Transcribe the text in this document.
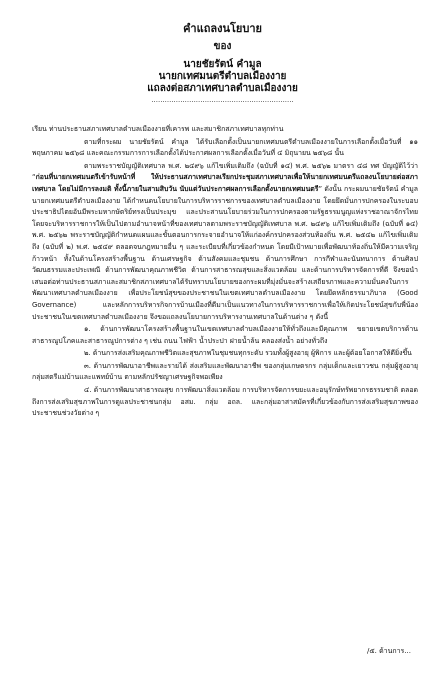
คำแถลงนโยบาย
ของ
นายชัยรัตน์ คำมูล
นายกเทศมนตรีตำบลเมืองงาย
แถลงต่อสภาเทศบาลตำบลเมืองงาย
................................................................

เรียน ท่านประธานสภาเทศบาลตำบลเมืองงายที่เคารพ และสมาชิกสภาเทศบาลทุกท่าน

ตามที่กระผม นายชัยรัตน์ คำมูล ได้รับเลือกตั้งเป็นนายกเทศมนตรีตำบลเมืองงายในการเลือกตั้งเมื่อวันที่ ๑๑ พฤษภาคม ๒๕๖๘ และคณะกรรมการการเลือกตั้งได้ประกาศผลการเลือกตั้งเมื่อวันที่ ๔ มิถุนายน ๒๕๖๘ นั้น

ตามพระราชบัญญัติเทศบาล พ.ศ. ๒๔๙๖ แก้ไขเพิ่มเติมถึง (ฉบับที่ ๑๔) พ.ศ. ๒๕๖๒ มาตรา ๔๘ ทศ บัญญัติไว้ว่า “ก่อนที่นายกเทศมนตรีเข้ารับหน้าที่ ให้ประธานสภาเทศบาลเรียกประชุมสภาเทศบาลเพื่อให้นายกเทศมนตรีแถลงนโยบายต่อสภาเทศบาล โดยไม่มีการลงมติ ทั้งนี้ภายในสามสิบวัน นับแต่วันประกาศผลการเลือกตั้งนายกเทศมนตรี” ดังนั้น กระผมนายชัยรัตน์ คำมูล นายกเทศมนตรีตำบลเมืองงาย ได้กำหนดนโยบายในการบริหารราชการของเทศบาลตำบลเมืองงาย โดยยึดมั่นการปกครองในระบอบประชาธิปไตยอันมีพระมหากษัตริย์ทรงเป็นประมุข และประสานนโยบายร่วมในการปกครองตามรัฐธรรมนูญแห่งราชอาณาจักรไทย โดยจะบริหารราชการให้เป็นไปตามอำนาจหน้าที่ของเทศบาลตามพระราชบัญญัติเทศบาล พ.ศ. ๒๔๙๖ แก้ไขเพิ่มเติมถึง (ฉบับที่ ๑๔) พ.ศ. ๒๕๖๒ พระราชบัญญัติกำหนดแผนและขั้นตอนการกระจายอำนาจให้แก่องค์กรปกครองส่วนท้องถิ่น พ.ศ. ๒๕๔๒ แก้ไขเพิ่มเติมถึง (ฉบับที่ ๒) พ.ศ. ๒๕๔๙ ตลอดจนกฎหมายอื่น ๆ และระเบียบที่เกี่ยวข้องกำหนด โดยมีเป้าหมายเพื่อพัฒนาท้องถิ่นให้มีความเจริญก้าวหน้า ทั้งในด้านโครงสร้างพื้นฐาน ด้านเศรษฐกิจ ด้านสังคมและชุมชน ด้านการศึกษา การกีฬาและนันทนาการ ด้านศิลปวัฒนธรรมและประเพณี ด้านการพัฒนาคุณภาพชีวิต ด้านการสาธารณสุขและสิ่งแวดล้อม และด้านการบริหารจัดการที่ดี จึงขอนำเสนอต่อท่านประธานสภาและสมาชิกสภาเทศบาลได้รับทราบนโยบายของกระผมที่มุ่งมั่นจะสร้างเสถียรภาพและความมั่นคงในการพัฒนาเทศบาลตำบลเมืองงาย เพื่อประโยชน์สุขของประชาชนในเขตเทศบาลตำบลเมืองงาย โดยยึดหลักธรรมาภิบาล (Good Governance) และหลักการบริหารกิจการบ้านเมืองที่ดีมาเป็นแนวทางในการบริหารราชการเพื่อให้เกิดประโยชน์สุขกับพี่น้องประชาชนในเขตเทศบาลตำบลเมืองงาย จึงขอแถลงนโยบายการบริหารงานเทศบาลในด้านต่าง ๆ ดังนี้

๑. ด้านการพัฒนาโครงสร้างพื้นฐานในเขตเทศบาลตำบลเมืองงายให้ทั่วถึงและมีคุณภาพ ขยายเขตบริการด้านสาธารณูปโภคและสาธารณูปการต่าง ๆ เช่น ถนน ไฟฟ้า น้ำประปา ฝายน้ำล้น คลองส่งน้ำ อย่างทั่วถึง

๒. ด้านการส่งเสริมคุณภาพชีวิตและสุขภาพในชุมชนทุกระดับ รวมทั้งผู้สูงอายุ ผู้พิการ และผู้ด้อยโอกาสให้ดียิ่งขึ้น

๓. ด้านการพัฒนาอาชีพและรายได้ ส่งเสริมและพัฒนาอาชีพ ของกลุ่มเกษตรกร กลุ่มเด็กและเยาวชน กลุ่มผู้สูงอายุ กลุ่มสตรีแม่บ้านและแพทย์บ้าน ตามหลักปรัชญาเศรษฐกิจพอเพียง

๔. ด้านการพัฒนาสาธารณสุข การพัฒนาสิ่งแวดล้อม การบริหารจัดการขยะและอนุรักษ์ทรัพยากรธรรมชาติ ตลอดถึงการส่งเสริมสุขภาพในการดูแลประชาชนกลุ่ม อสม. กลุ่ม อถล. และกลุ่มอาสาสมัครที่เกี่ยวข้องกับการส่งเสริมสุขภาพของประชาชนช่วงวัยต่าง ๆ

/๕. ด้านการ...
